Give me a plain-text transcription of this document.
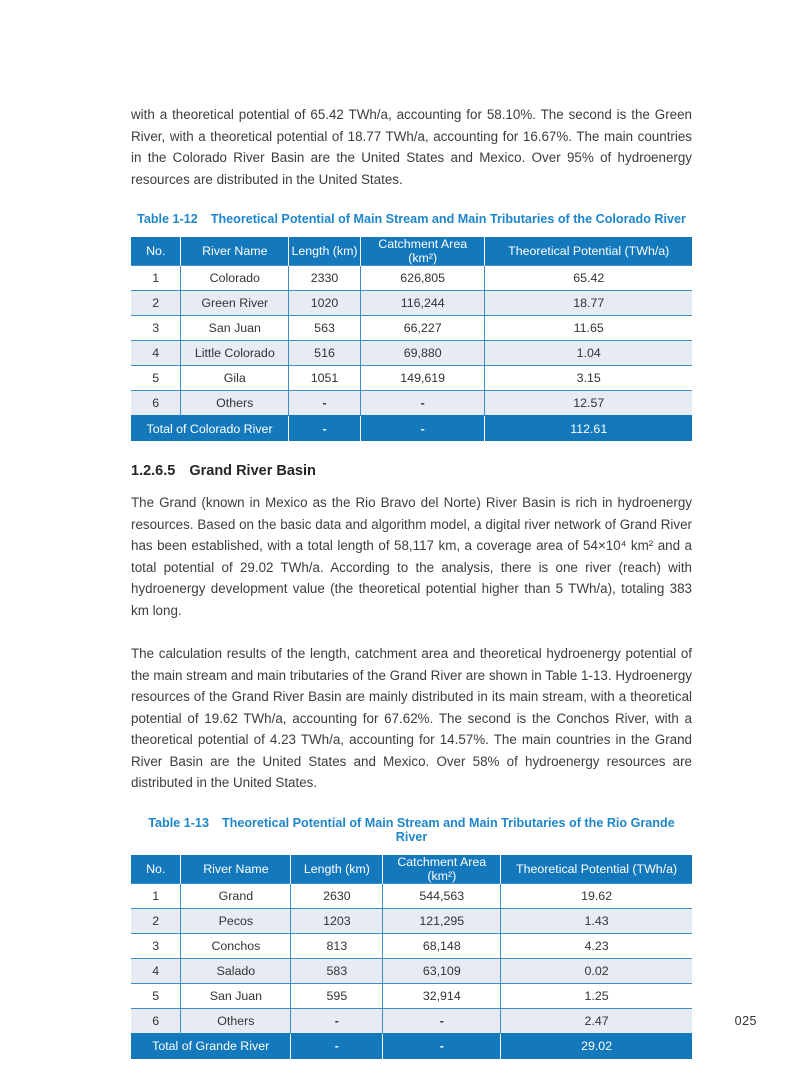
with a theoretical potential of 65.42 TWh/a, accounting for 58.10%. The second is the Green River, with a theoretical potential of 18.77 TWh/a, accounting for 16.67%. The main countries in the Colorado River Basin are the United States and Mexico. Over 95% of hydroenergy resources are distributed in the United States.

Table 1-12 Theoretical Potential of Main Stream and Main Tributaries of the Colorado River
No.	River Name	Length (km)	Catchment Area (km²)	Theoretical Potential (TWh/a)
1	Colorado	2330	626,805	65.42
2	Green River	1020	116,244	18.77
3	San Juan	563	66,227	11.65
4	Little Colorado	516	69,880	1.04
5	Gila	1051	149,619	3.15
6	Others	-	-	12.57
Total of Colorado River		-	-	112.61
1.2.6.5 Grand River Basin

The Grand (known in Mexico as the Rio Bravo del Norte) River Basin is rich in hydroenergy resources. Based on the basic data and algorithm model, a digital river network of Grand River has been established, with a total length of 58,117 km, a coverage area of 54×10⁴ km² and a total potential of 29.02 TWh/a. According to the analysis, there is one river (reach) with hydroenergy development value (the theoretical potential higher than 5 TWh/a), totaling 383 km long.

The calculation results of the length, catchment area and theoretical hydroenergy potential of the main stream and main tributaries of the Grand River are shown in Table 1-13. Hydroenergy resources of the Grand River Basin are mainly distributed in its main stream, with a theoretical potential of 19.62 TWh/a, accounting for 67.62%. The second is the Conchos River, with a theoretical potential of 4.23 TWh/a, accounting for 14.57%. The main countries in the Grand River Basin are the United States and Mexico. Over 58% of hydroenergy resources are distributed in the United States.

Table 1-13 Theoretical Potential of Main Stream and Main Tributaries of the Rio Grande River
No.	River Name	Length (km)	Catchment Area (km²)	Theoretical Potential (TWh/a)
1	Grand	2630	544,563	19.62
2	Pecos	1203	121,295	1.43
3	Conchos	813	68,148	4.23
4	Salado	583	63,109	0.02
5	San Juan	595	32,914	1.25
6	Others	-	-	2.47
Total of Grande River		-	-	29.02
025
